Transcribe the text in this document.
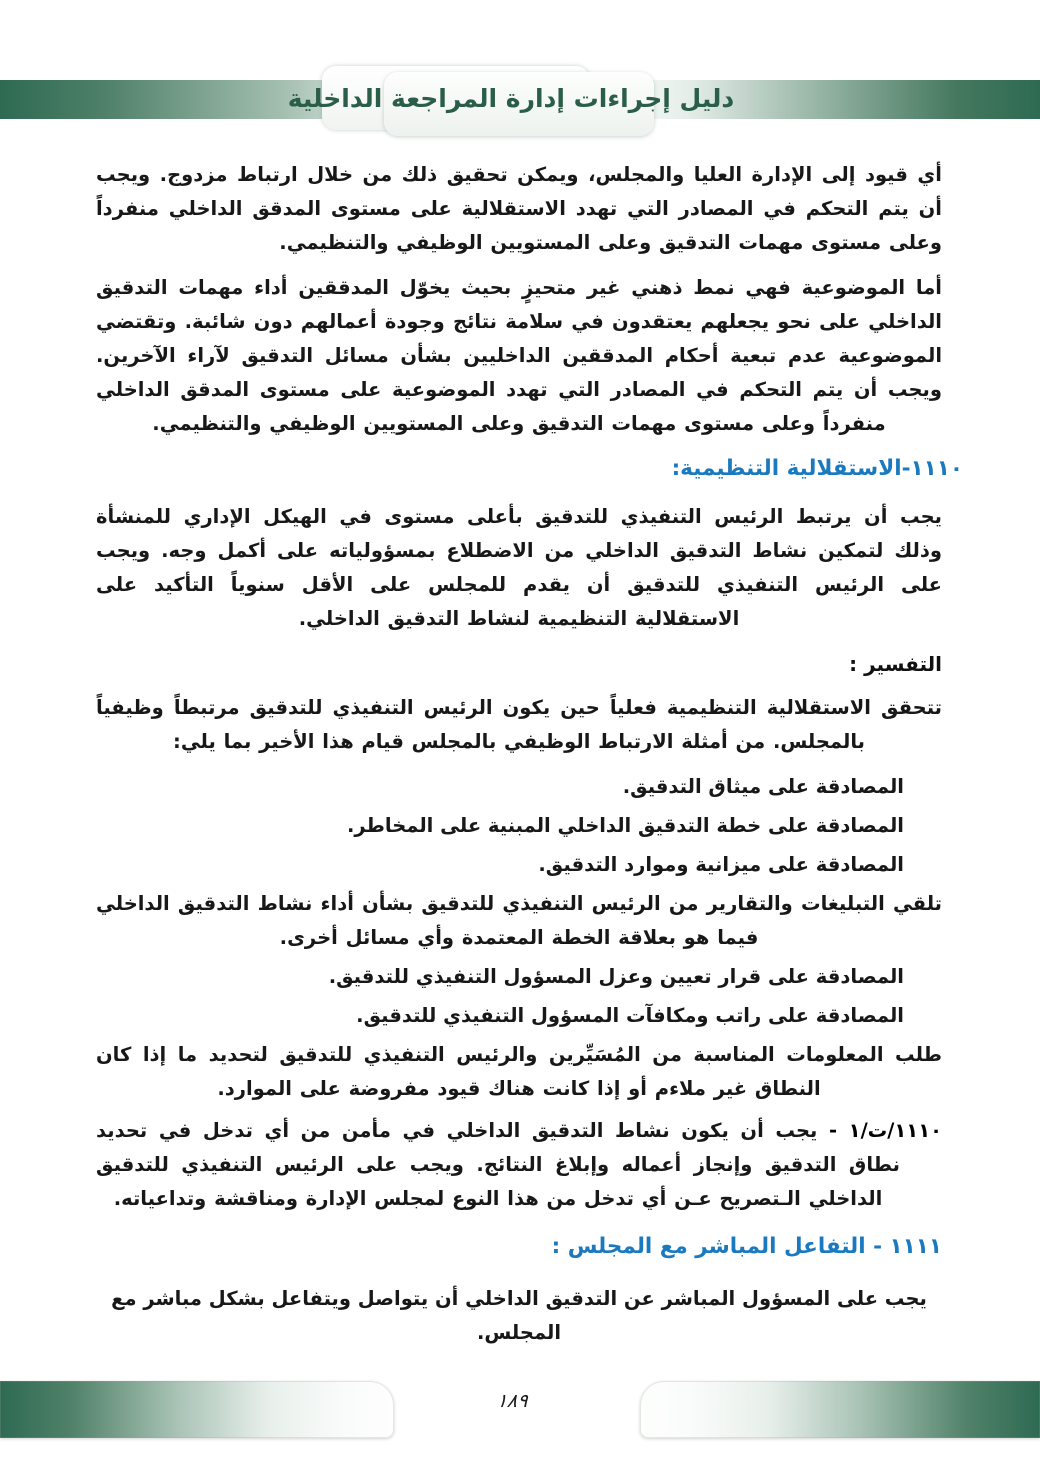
دليل إجراءات إدارة المراجعة الداخلية

أي قيود إلى الإدارة العليا والمجلس، ويمكن تحقيق ذلك من خلال ارتباط مزدوج. ويجب أن يتم التحكم في المصادر التي تهدد الاستقلالية على مستوى المدقق الداخلي منفرداً وعلى مستوى مهمات التدقيق وعلى المستويين الوظيفي والتنظيمي.

أما الموضوعية فهي نمط ذهني غير متحيزٍ بحيث يخوّل المدققين أداء مهمات التدقيق الداخلي على نحو يجعلهم يعتقدون في سلامة نتائج وجودة أعمالهم دون شائبة. وتقتضي الموضوعية عدم تبعية أحكام المدققين الداخليين بشأن مسائل التدقيق لآراء الآخرين. ويجب أن يتم التحكم في المصادر التي تهدد الموضوعية على مستوى المدقق الداخلي منفرداً وعلى مستوى مهمات التدقيق وعلى المستويين الوظيفي والتنظيمي.

١١١٠-الاستقلالية التنظيمية:

يجب أن يرتبط الرئيس التنفيذي للتدقيق بأعلى مستوى في الهيكل الإداري للمنشأة وذلك لتمكين نشاط التدقيق الداخلي من الاضطلاع بمسؤولياته على أكمل وجه. ويجب على الرئيس التنفيذي للتدقيق أن يقدم للمجلس على الأقل سنوياً التأكيد على الاستقلالية التنظيمية لنشاط التدقيق الداخلي.

التفسير :

تتحقق الاستقلالية التنظيمية فعلياً حين يكون الرئيس التنفيذي للتدقيق مرتبطاً وظيفياً بالمجلس. من أمثلة الارتباط الوظيفي بالمجلس قيام هذا الأخير بما يلي:

المصادقة على ميثاق التدقيق.

المصادقة على خطة التدقيق الداخلي المبنية على المخاطر.

المصادقة على ميزانية وموارد التدقيق.

تلقي التبليغات والتقارير من الرئيس التنفيذي للتدقيق بشأن أداء نشاط التدقيق الداخلي فيما هو بعلاقة الخطة المعتمدة وأي مسائل أخرى.

المصادقة على قرار تعيين وعزل المسؤول التنفيذي للتدقيق.

المصادقة على راتب ومكافآت المسؤول التنفيذي للتدقيق.

طلب المعلومات المناسبة من المُسَيِّرين والرئيس التنفيذي للتدقيق لتحديد ما إذا كان النطاق غير ملاءم أو إذا كانت هناك قيود مفروضة على الموارد.

١١١٠/ت/١ - يجب أن يكون نشاط التدقيق الداخلي في مأمن من أي تدخل في تحديد نطاق التدقيق وإنجاز أعماله وإبلاغ النتائج. ويجب على الرئيس التنفيذي للتدقيق الداخلي الـتصريح عـن أي تدخل من هذا النوع لمجلس الإدارة ومناقشة وتداعياته.

١١١١ - التفاعل المباشر مع المجلس :

يجب على المسؤول المباشر عن التدقيق الداخلي أن يتواصل ويتفاعل بشكل مباشر مع المجلس.

١٨٩
